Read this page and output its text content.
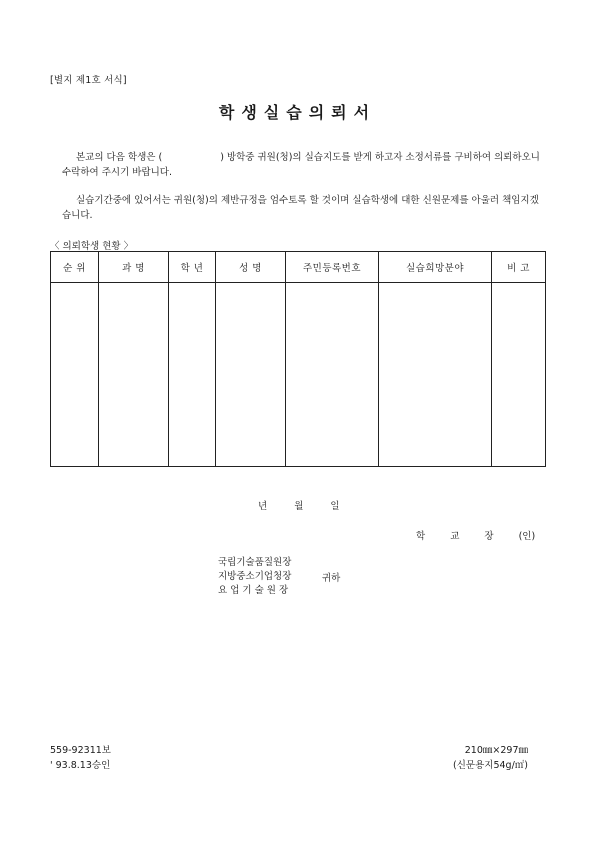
[별지 제1호 서식]
학생실습의뢰서
본교의 다음 학생은 (	) 방학중 귀원(청)의 실습지도를 받게 하고자 소정서류를 구비하여 의뢰하오니 수락하여 주시기 바랍니다.
실습기간중에 있어서는 귀원(청)의 제반규정을 엄수토록 할 것이며 실습학생에 대한 신원문제를 아울러 책임지겠습니다.
〈 의뢰학생 현황 〉
순 위	과 명	학 년	성 명	주민등록번호	실습희망분야	비 고

년 월 일
학 교 장 (인)
국립기술품질원장
지방중소기업청장
요 업 기 술 원 장
귀하
559-92311보
' 93.8.13승인
210㎜×297㎜
(신문용지54g/㎡)
